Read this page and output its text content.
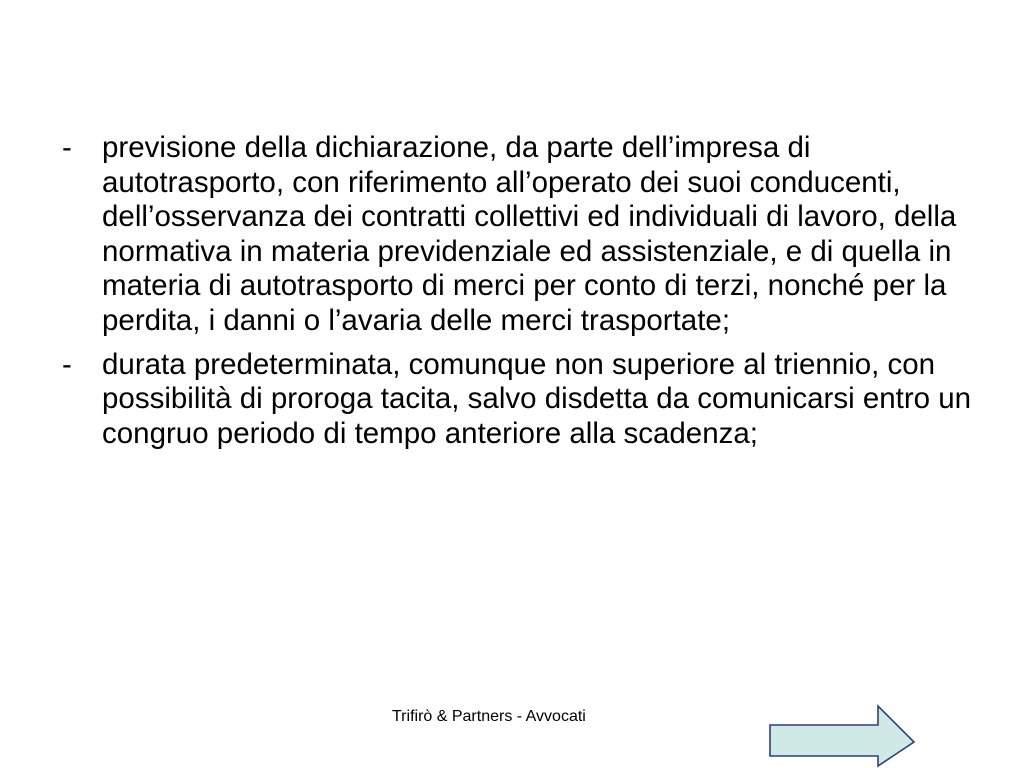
- previsione della dichiarazione, da parte dell’impresa di autotrasporto, con riferimento all’operato dei suoi conducenti, dell’osservanza dei contratti collettivi ed individuali di lavoro, della normativa in materia previdenziale ed assistenziale, e di quella in materia di autotrasporto di merci per conto di terzi, nonché per la perdita, i danni o l’avaria delle merci trasportate;
- durata predeterminata, comunque non superiore al triennio, con possibilità di proroga tacita, salvo disdetta da comunicarsi entro un congruo periodo di tempo anteriore alla scadenza;
Trifirò & Partners - Avvocati
